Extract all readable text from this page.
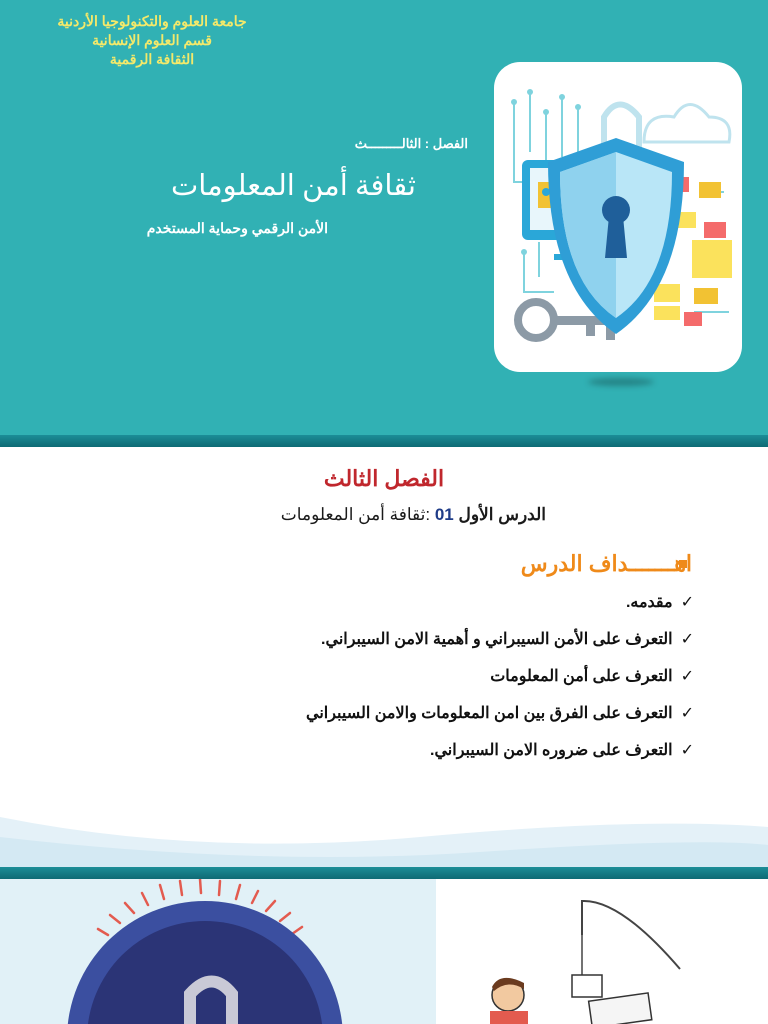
جامعة العلوم والتكنولوجيا الأردنية
قسم العلوم الإنسانية
الثقافة الرقمية
الفصل : الثالـــــــــث
ثقافة أمن المعلومات
الأمن الرقمي وحماية المستخدم
الفصل الثالث
الدرس الأول 01 :ثقافة أمن المعلومات
اهـــــــداف الدرس
✓مقدمه.
✓التعرف على الأمن السيبراني و أهمية الامن السيبراني.
✓التعرف على أمن المعلومات
✓التعرف على الفرق بين امن المعلومات والامن السيبراني
✓التعرف على ضروره الامن السيبراني.
